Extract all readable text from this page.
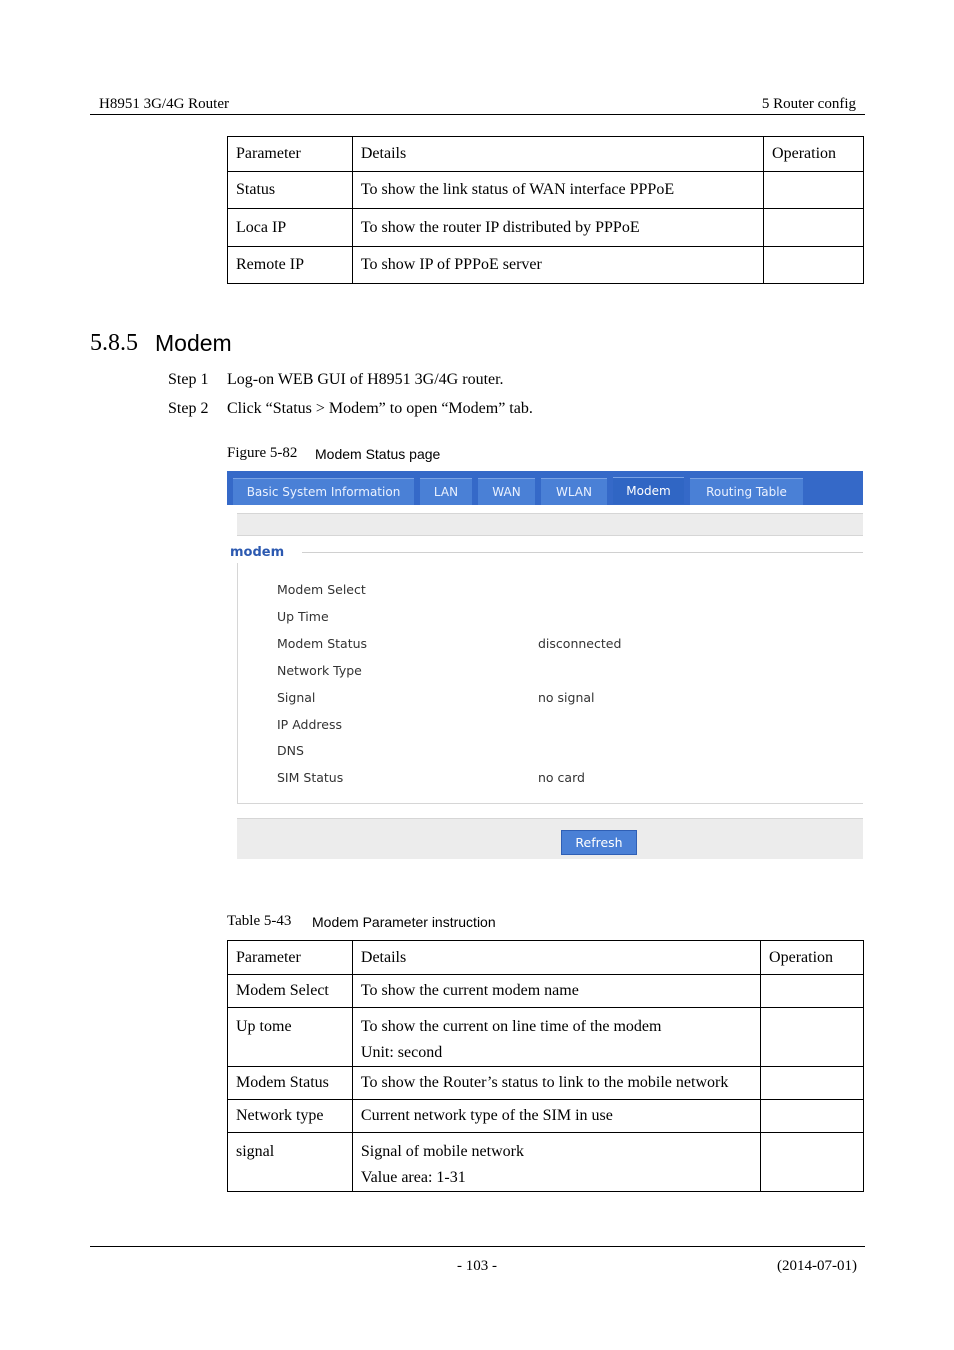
H8951 3G/4G Router	5 Router config
Parameter	Details	Operation
Status	To show the link status of WAN interface PPPoE	
Loca IP	To show the router IP distributed by PPPoE	
Remote IP	To show IP of PPPoE server	
5.8.5 Modem
Step 1 Log-on WEB GUI of H8951 3G/4G router.
Step 2 Click “Status > Modem” to open “Modem” tab.
Figure 5-82 Modem Status page
Basic System Information	LAN	WAN	WLAN	Modem	Routing Table
modem
Modem Select
Up Time
Modem Status	disconnected
Network Type
Signal	no signal
IP Address
DNS
SIM Status	no card
Refresh
Table 5-43 Modem Parameter instruction
Parameter	Details	Operation
Modem Select	To show the current modem name	

Up tome	To show the current on line time of the modem
Unit: second	

Modem Status	To show the Router’s status to link to the mobile network	
Network type	Current network type of the SIM in use	

signal	Signal of mobile network
Value area: 1-31	

- 103 -	(2014-07-01)
